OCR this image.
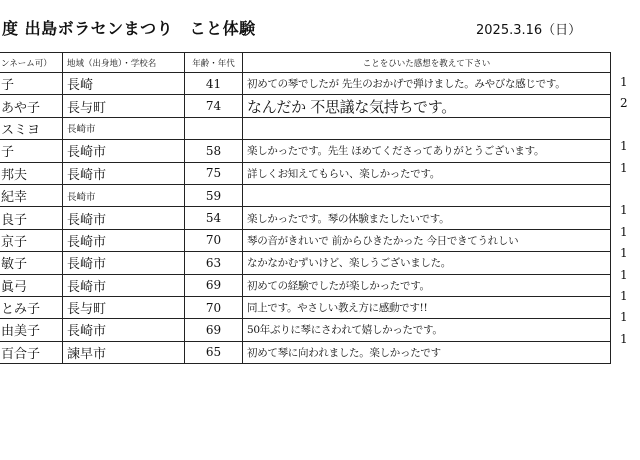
度 出島ボラセンまつり　こと体験	2025.3.16（日）
ンネーム可）	地域（出身地）・学校名	年齢・年代	ことをひいた感想を教えて下さい
子	長崎	41	初めての琴でしたが 先生のおかげで弾けました。みやびな感じです。
あや子	長与町	74	なんだか 不思議な気持ちです。
スミヨ	長崎市		
子	長崎市	58	楽しかったです。先生 ほめてくださってありがとうございます。
邦夫	長崎市	75	詳しくお知えてもらい、楽しかったです。
紀幸	長崎市	59	
良子	長崎市	54	楽しかったです。琴の体験またしたいです。
京子	長崎市	70	琴の音がきれいで 前からひきたかった 今日できてうれしい
敏子	長崎市	63	なかなかむずいけど、楽しうございました。
眞弓	長崎市	69	初めての経験でしたが楽しかったです。
とみ子	長与町	70	同上です。やさしい教え方に感動です!!
由美子	長崎市	69	50年ぶりに琴にさわれて嬉しかったです。
百合子	諫早市	65	初めて琴に向われました。楽しかったです
1
2
1
1
1
1
1
1
1
1
1
